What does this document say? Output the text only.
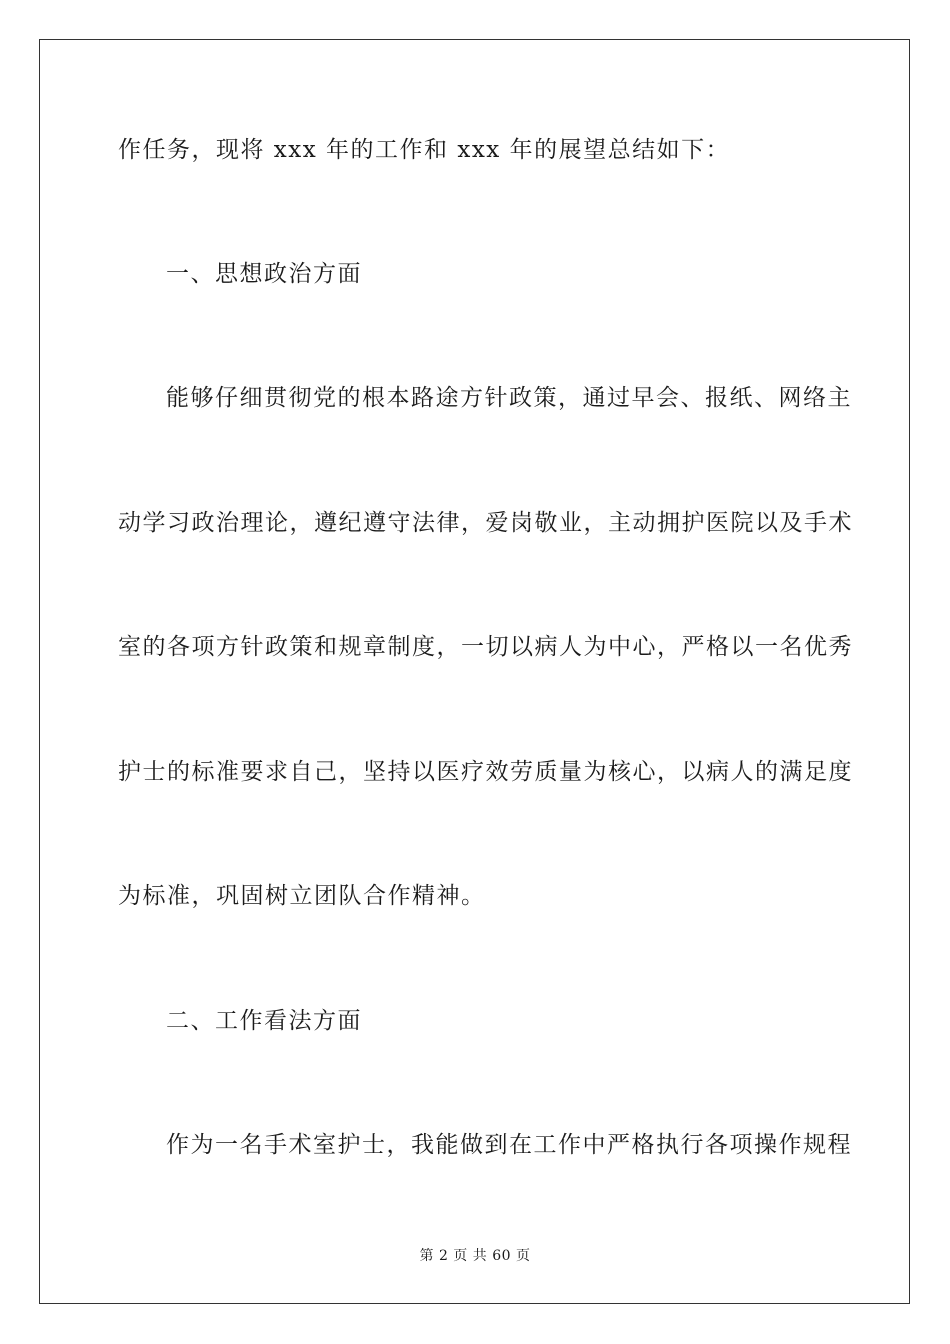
作任务，现将 xxx 年的工作和 xxx 年的展望总结如下：
一、思想政治方面
能够仔细贯彻党的根本路途方针政策，通过早会、报纸、网络主
动学习政治理论，遵纪遵守法律，爱岗敬业，主动拥护医院以及手术
室的各项方针政策和规章制度，一切以病人为中心，严格以一名优秀
护士的标准要求自己，坚持以医疗效劳质量为核心，以病人的满足度
为标准，巩固树立团队合作精神。
二、工作看法方面
作为一名手术室护士，我能做到在工作中严格执行各项操作规程
第 2 页 共 60 页
